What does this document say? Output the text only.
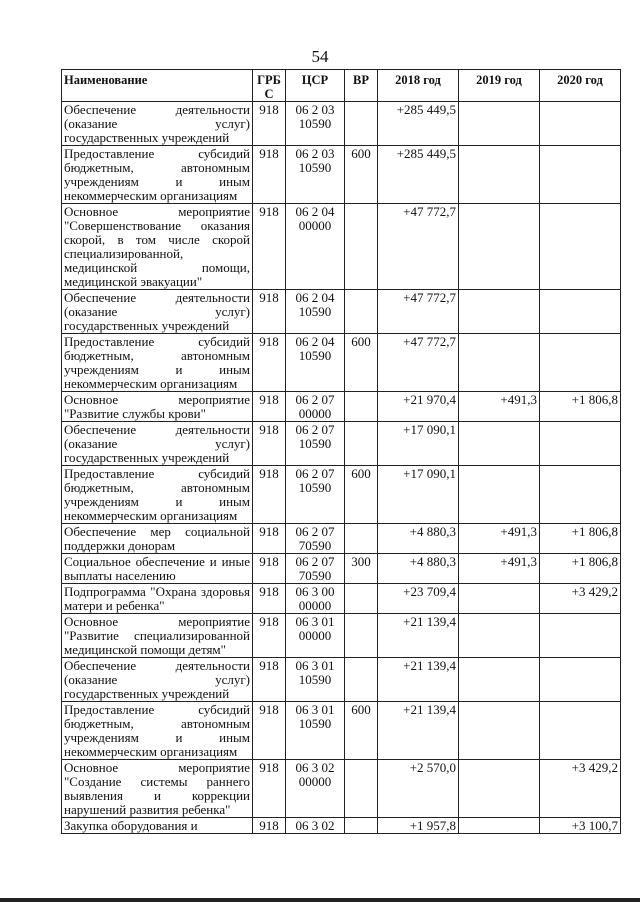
54
Наименование	ГРБ С	ЦСР	ВР	2018 год	2019 год	2020 год
Обеспечение деятельности (оказание услуг) государственных учреждений	918	06 2 03 10590		+285 449,5		
Предоставление субсидий бюджетным, автономным учреждениям и иным некоммерческим организациям	918	06 2 03 10590	600	+285 449,5		
Основное мероприятие "Совершенствование оказания скорой, в том числе скорой специализированной, медицинской помощи, медицинской эвакуации"	918	06 2 04 00000		+47 772,7		
Обеспечение деятельности (оказание услуг) государственных учреждений	918	06 2 04 10590		+47 772,7		
Предоставление субсидий бюджетным, автономным учреждениям и иным некоммерческим организациям	918	06 2 04 10590	600	+47 772,7		
Основное мероприятие "Развитие службы крови"	918	06 2 07 00000		+21 970,4	+491,3	+1 806,8
Обеспечение деятельности (оказание услуг) государственных учреждений	918	06 2 07 10590		+17 090,1		
Предоставление субсидий бюджетным, автономным учреждениям и иным некоммерческим организациям	918	06 2 07 10590	600	+17 090,1		
Обеспечение мер социальной поддержки донорам	918	06 2 07 70590		+4 880,3	+491,3	+1 806,8
Социальное обеспечение и иные выплаты населению	918	06 2 07 70590	300	+4 880,3	+491,3	+1 806,8
Подпрограмма "Охрана здоровья матери и ребенка"	918	06 3 00 00000		+23 709,4		+3 429,2
Основное мероприятие "Развитие специализированной медицинской помощи детям"	918	06 3 01 00000		+21 139,4		
Обеспечение деятельности (оказание услуг) государственных учреждений	918	06 3 01 10590		+21 139,4		
Предоставление субсидий бюджетным, автономным учреждениям и иным некоммерческим организациям	918	06 3 01 10590	600	+21 139,4		
Основное мероприятие "Создание системы раннего выявления и коррекции нарушений развития ребенка"	918	06 3 02 00000		+2 570,0		+3 429,2
Закупка оборудования и	918	06 3 02		+1 957,8		+3 100,7
